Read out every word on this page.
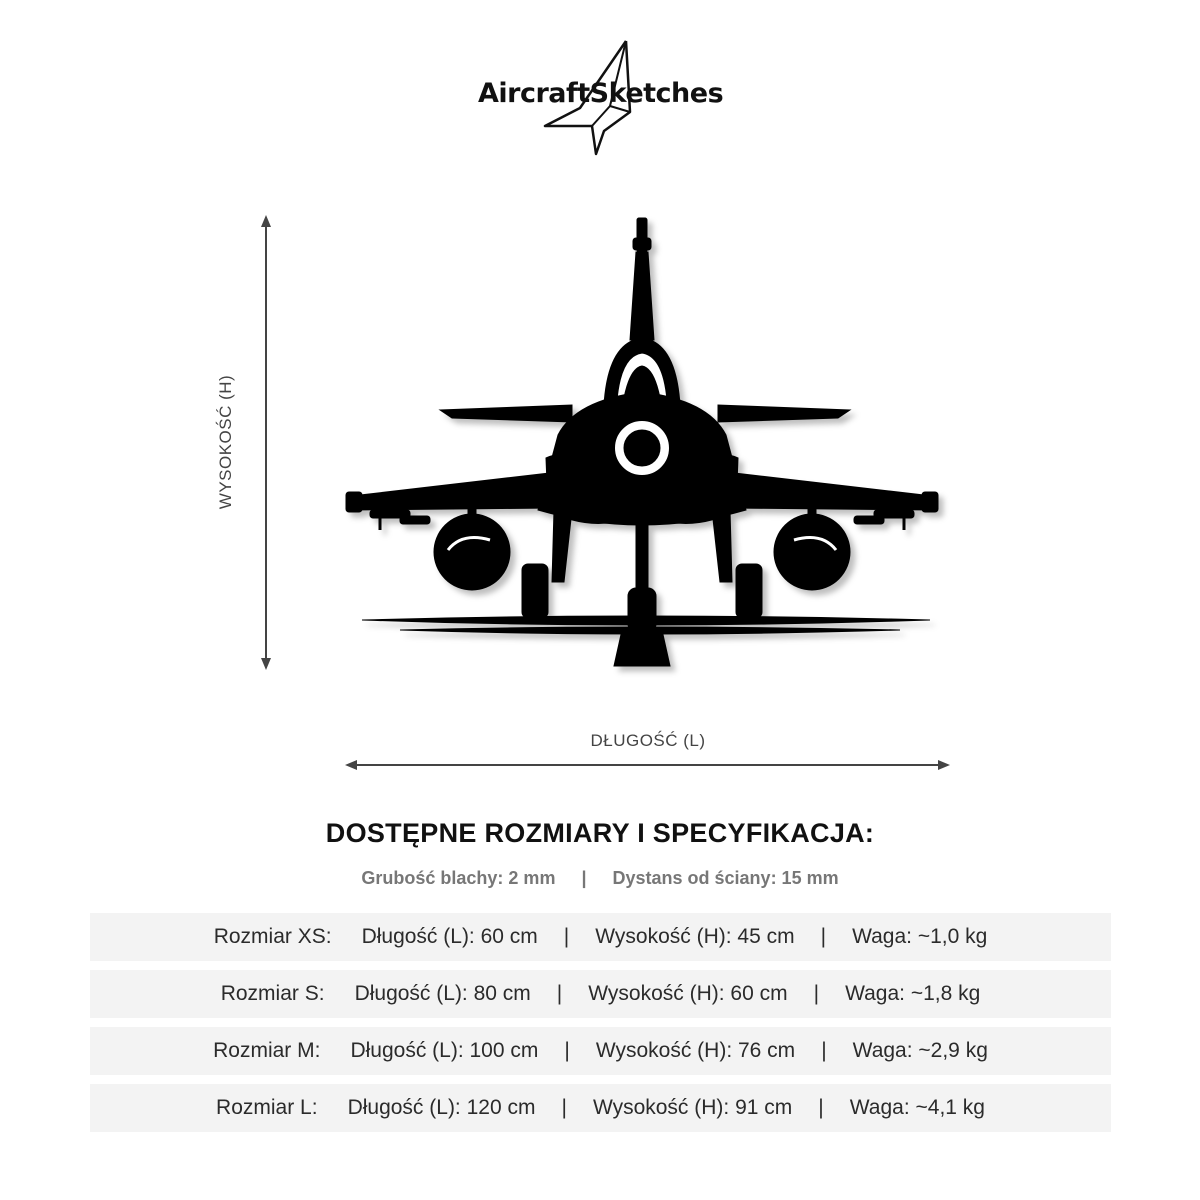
AircraftSketches
WYSOKOŚĆ (H)
DŁUGOŚĆ (L)
DOSTĘPNE ROZMIARY I SPECYFIKACJA:
Grubość blachy: 2 mm | Dystans od ściany: 15 mm
Rozmiar XS: Długość (L): 60 cm | Wysokość (H): 45 cm | Waga: ~1,0 kg
Rozmiar S: Długość (L): 80 cm | Wysokość (H): 60 cm | Waga: ~1,8 kg
Rozmiar M: Długość (L): 100 cm | Wysokość (H): 76 cm | Waga: ~2,9 kg
Rozmiar L: Długość (L): 120 cm | Wysokość (H): 91 cm | Waga: ~4,1 kg
